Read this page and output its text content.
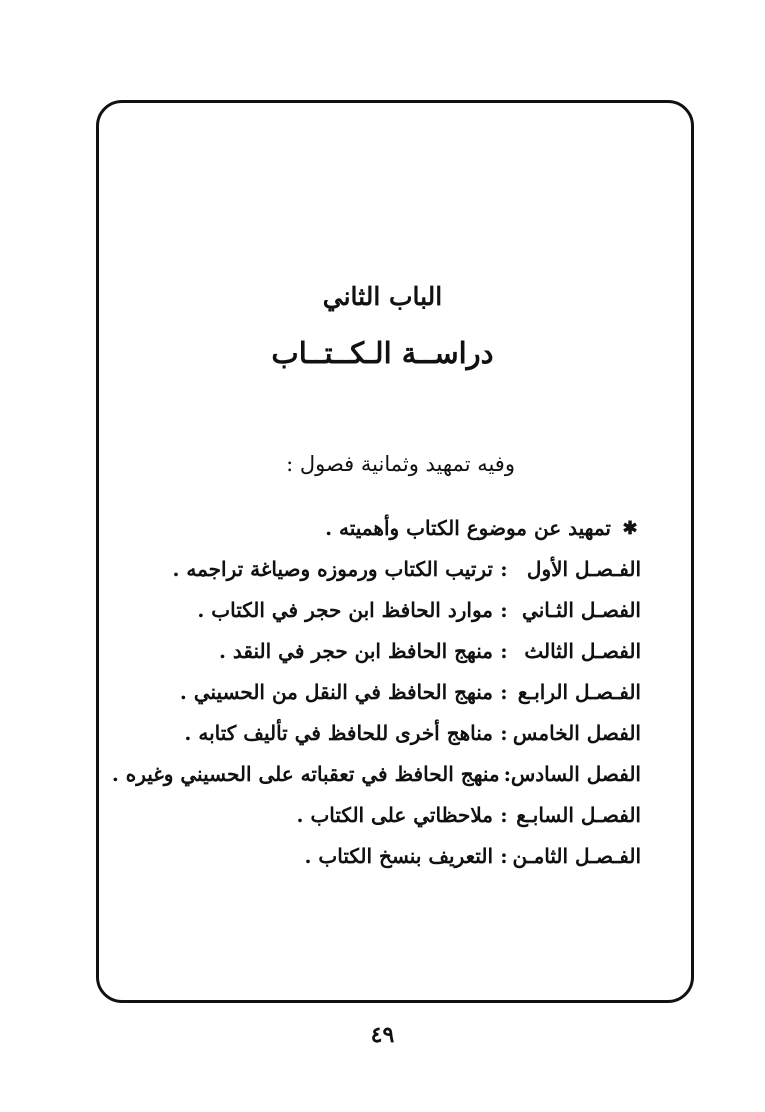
الباب الثاني
دراســة الـكــتــاب
وفيه تمهيد وثمانية فصول :
✱
تمهيد عن موضوع الكتاب وأهميته .
الفـصـل الأول
:
ترتيب الكتاب ورموزه وصياغة تراجمه .
الفصـل الثـاني
:
موارد الحافظ ابن حجر في الكتاب .
الفصـل الثالث
:
منهج الحافظ ابن حجر في النقد .
الفـصـل الرابـع
:
منهج الحافظ في النقل من الحسيني .
الفصل الخامس
:
مناهج أخرى للحافظ في تأليف كتابه .
الفصل السادس
:
منهج الحافظ في تعقباته على الحسيني وغيره .
الفصـل السابـع
:
ملاحظاتي على الكتاب .
الفـصـل الثامـن
:
التعريف بنسخ الكتاب .
٤٩
